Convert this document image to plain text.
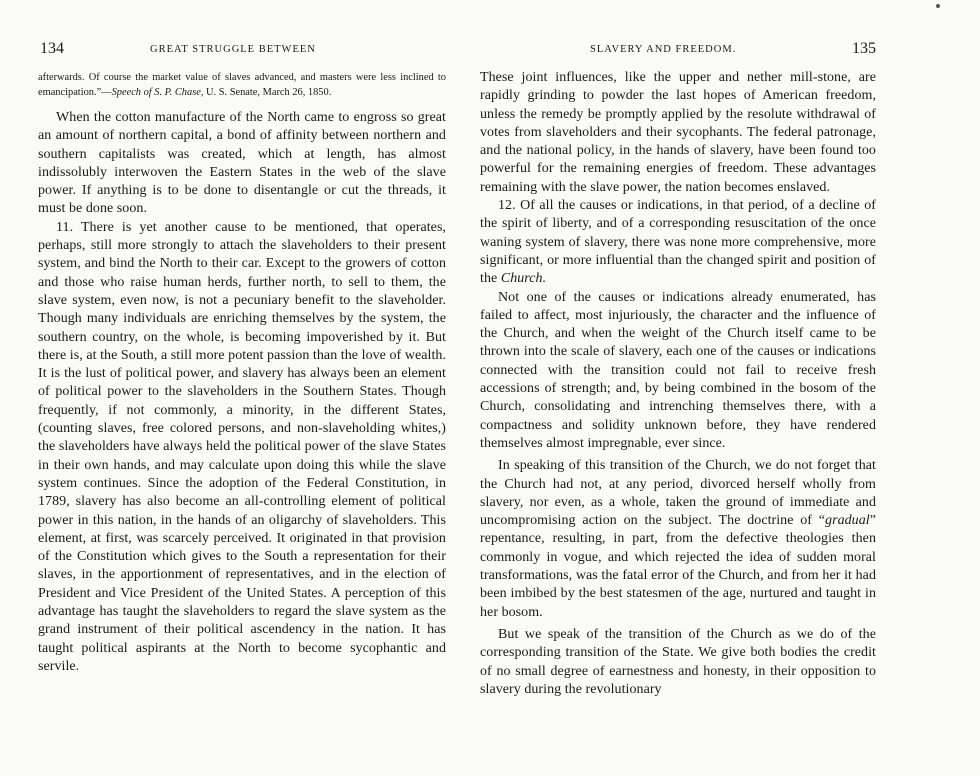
134	GREAT STRUGGLE BETWEEN
afterwards. Of course the market value of slaves advanced, and masters were less inclined to emancipation.”—Speech of S. P. Chase, U. S. Senate, March 26, 1850.

When the cotton manufacture of the North came to engross so great an amount of northern capital, a bond of affinity between northern and southern capitalists was created, which at length, has almost indissolubly interwoven the Eastern States in the web of the slave power. If anything is to be done to disentangle or cut the threads, it must be done soon.

11. There is yet another cause to be mentioned, that operates, perhaps, still more strongly to attach the slaveholders to their present system, and bind the North to their car. Except to the growers of cotton and those who raise human herds, further north, to sell to them, the slave system, even now, is not a pecuniary benefit to the slaveholder. Though many individuals are enriching themselves by the system, the southern country, on the whole, is becoming impoverished by it. But there is, at the South, a still more potent passion than the love of wealth. It is the lust of political power, and slavery has always been an element of political power to the slaveholders in the Southern States. Though frequently, if not commonly, a minority, in the different States, (counting slaves, free colored persons, and non-slaveholding whites,) the slaveholders have always held the political power of the slave States in their own hands, and may calculate upon doing this while the slave system continues. Since the adoption of the Federal Constitution, in 1789, slavery has also become an all-controlling element of political power in this nation, in the hands of an oligarchy of slaveholders. This element, at first, was scarcely perceived. It originated in that provision of the Constitution which gives to the South a representation for their slaves, in the apportionment of representatives, and in the election of President and Vice President of the United States. A perception of this advantage has taught the slaveholders to regard the slave system as the grand instrument of their political ascendency in the nation. It has taught political aspirants at the North to become sycophantic and servile.

SLAVERY AND FREEDOM.	135

These joint influences, like the upper and nether mill-stone, are rapidly grinding to powder the last hopes of American freedom, unless the remedy be promptly applied by the resolute withdrawal of votes from slaveholders and their sycophants. The federal patronage, and the national policy, in the hands of slavery, have been found too powerful for the remaining energies of freedom. These advantages remaining with the slave power, the nation becomes enslaved.

12. Of all the causes or indications, in that period, of a decline of the spirit of liberty, and of a corresponding resuscitation of the once waning system of slavery, there was none more comprehensive, more significant, or more influential than the changed spirit and position of the Church.

Not one of the causes or indications already enumerated, has failed to affect, most injuriously, the character and the influence of the Church, and when the weight of the Church itself came to be thrown into the scale of slavery, each one of the causes or indications connected with the transition could not fail to receive fresh accessions of strength; and, by being combined in the bosom of the Church, consolidating and intrenching themselves there, with a compactness and solidity unknown before, they have rendered themselves almost impregnable, ever since.

In speaking of this transition of the Church, we do not forget that the Church had not, at any period, divorced herself wholly from slavery, nor even, as a whole, taken the ground of immediate and uncompromising action on the subject. The doctrine of “gradual” repentance, resulting, in part, from the defective theologies then commonly in vogue, and which rejected the idea of sudden moral transformations, was the fatal error of the Church, and from her it had been imbibed by the best statesmen of the age, nurtured and taught in her bosom.

But we speak of the transition of the Church as we do of the corresponding transition of the State. We give both bodies the credit of no small degree of earnestness and honesty, in their opposition to slavery during the revolutionary
